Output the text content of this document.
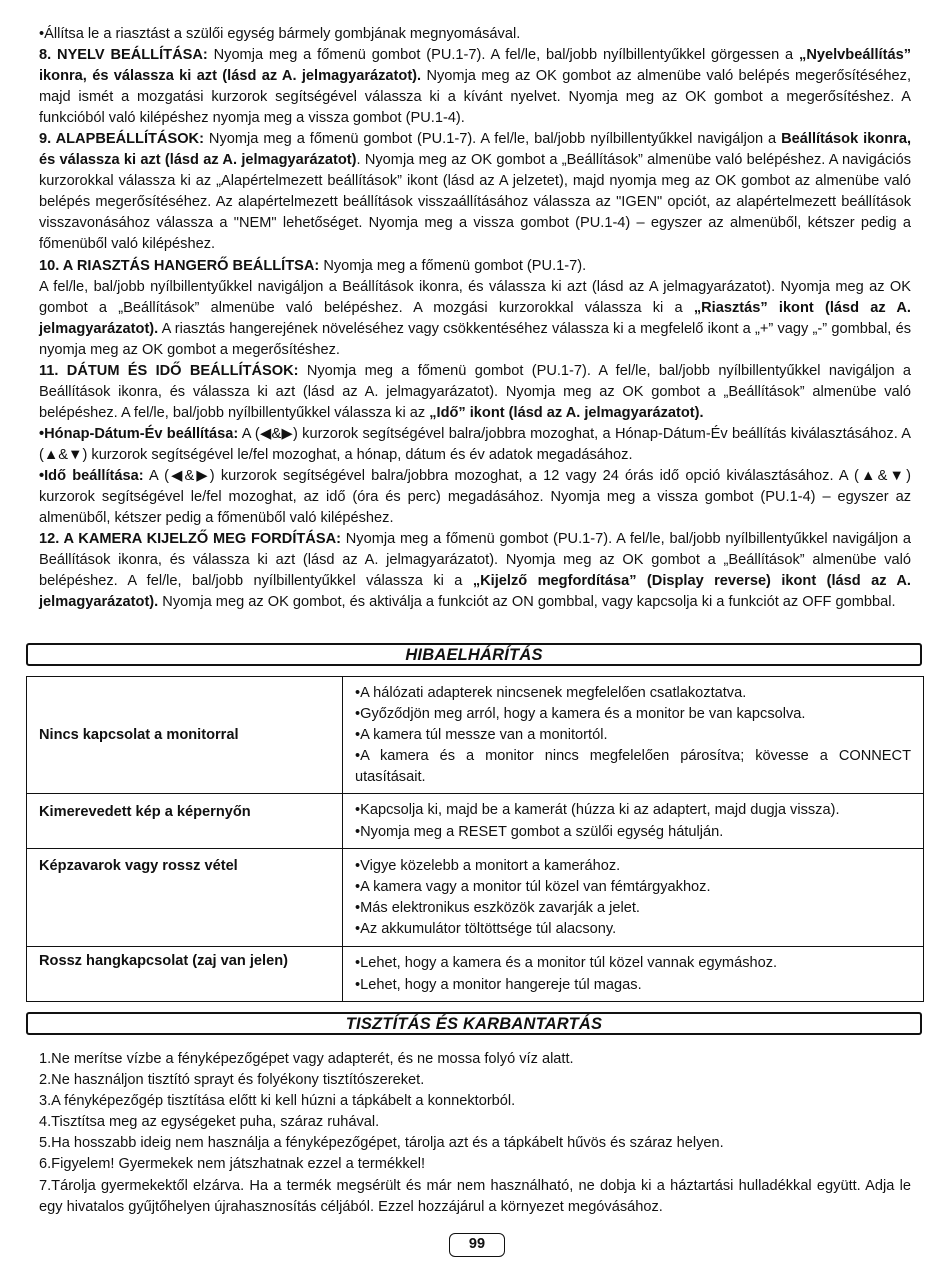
•Állítsa le a riasztást a szülői egység bármely gombjának megnyomásával.

8. NYELV BEÁLLÍTÁSA: Nyomja meg a főmenü gombot (PU.1-7). A fel/le, bal/jobb nyílbillentyűkkel görgessen a „Nyelvbeállítás” ikonra, és válassza ki azt (lásd az A. jelmagyarázatot). Nyomja meg az OK gombot az almenübe való belépés megerősítéséhez, majd ismét a mozgatási kurzorok segítségével válassza ki a kívánt nyelvet. Nyomja meg az OK gombot a megerősítéshez. A funkcióból való kilépéshez nyomja meg a vissza gombot (PU.1-4).

9. ALAPBEÁLLÍTÁSOK: Nyomja meg a főmenü gombot (PU.1-7). A fel/le, bal/jobb nyílbillentyűkkel navigáljon a Beállítások ikonra, és válassza ki azt (lásd az A. jelmagyarázatot). Nyomja meg az OK gombot a „Beállítások” almenübe való belépéshez. A navigációs kurzorokkal válassza ki az „Alapértelmezett beállítások” ikont (lásd az A jelzetet), majd nyomja meg az OK gombot az almenübe való belépés megerősítéséhez. Az alapértelmezett beállítások visszaállításához válassza az "IGEN" opciót, az alapértelmezett beállítások visszavonásához válassza a "NEM" lehetőséget. Nyomja meg a vissza gombot (PU.1-4) – egyszer az almenüből, kétszer pedig a főmenüből való kilépéshez.

10. A RIASZTÁS HANGERŐ BEÁLLÍTSA: Nyomja meg a főmenü gombot (PU.1-7).

A fel/le, bal/jobb nyílbillentyűkkel navigáljon a Beállítások ikonra, és válassza ki azt (lásd az A jelmagyarázatot). Nyomja meg az OK gombot a „Beállítások” almenübe való belépéshez. A mozgási kurzorokkal válassza ki a „Riasztás” ikont (lásd az A. jelmagyarázatot). A riasztás hangerejének növeléséhez vagy csökkentéséhez válassza ki a megfelelő ikont a „+” vagy „-” gombbal, és nyomja meg az OK gombot a megerősítéshez.

11. DÁTUM ÉS IDŐ BEÁLLÍTÁSOK: Nyomja meg a főmenü gombot (PU.1-7). A fel/le, bal/jobb nyílbillentyűkkel navigáljon a Beállítások ikonra, és válassza ki azt (lásd az A. jelmagyarázatot). Nyomja meg az OK gombot a „Beállítások” almenübe való belépéshez. A fel/le, bal/jobb nyílbillentyűkkel válassza ki az „Idő” ikont (lásd az A. jelmagyarázatot).

•Hónap-Dátum-Év beállítása: A (◀&▶) kurzorok segítségével balra/jobbra mozoghat, a Hónap-Dátum-Év beállítás kiválasztásához. A (▲&▼) kurzorok segítségével le/fel mozoghat, a hónap, dátum és év adatok megadásához.

•Idő beállítása: A (◀&▶) kurzorok segítségével balra/jobbra mozoghat, a 12 vagy 24 órás idő opció kiválasztásához. A (▲&▼) kurzorok segítségével le/fel mozoghat, az idő (óra és perc) megadásához. Nyomja meg a vissza gombot (PU.1-4) – egyszer az almenüből, kétszer pedig a főmenüből való kilépéshez.

12. A KAMERA KIJELZŐ MEG FORDÍTÁSA: Nyomja meg a főmenü gombot (PU.1-7). A fel/le, bal/jobb nyílbillentyűkkel navigáljon a Beállítások ikonra, és válassza ki azt (lásd az A. jelmagyarázatot). Nyomja meg az OK gombot a „Beállítások” almenübe való belépéshez. A fel/le, bal/jobb nyílbillentyűkkel válassza ki a „Kijelző megfordítása” (Display reverse) ikont (lásd az A. jelmagyarázatot). Nyomja meg az OK gombot, és aktiválja a funkciót az ON gombbal, vagy kapcsolja ki a funkciót az OFF gombbal.

HIBAELHÁRÍTÁS
Nincs kapcsolat a monitorral	•A hálózati adapterek nincsenek megfelelően csatlakoztatva.
•Győződjön meg arról, hogy a kamera és a monitor be van kapcsolva.
•A kamera túl messze van a monitortól.
•A kamera és a monitor nincs megfelelően párosítva; kövesse a CONNECT utasításait.

Kimerevedett kép a képernyőn	•Kapcsolja ki, majd be a kamerát (húzza ki az adaptert, majd dugja vissza).
•Nyomja meg a RESET gombot a szülői egység hátulján.

Képzavarok vagy rossz vétel	•Vigye közelebb a monitort a kamerához.
•A kamera vagy a monitor túl közel van fémtárgyakhoz.
•Más elektronikus eszközök zavarják a jelet.
•Az akkumulátor töltöttsége túl alacsony.

Rossz hangkapcsolat (zaj van jelen)	•Lehet, hogy a kamera és a monitor túl közel vannak egymáshoz.
•Lehet, hogy a monitor hangereje túl magas.
TISZTÍTÁS ÉS KARBANTARTÁS
1.Ne merítse vízbe a fényképezőgépet vagy adapterét, és ne mossa folyó víz alatt.
2.Ne használjon tisztító sprayt és folyékony tisztítószereket.
3.A fényképezőgép tisztítása előtt ki kell húzni a tápkábelt a konnektorból.
4.Tisztítsa meg az egységeket puha, száraz ruhával.
5.Ha hosszabb ideig nem használja a fényképezőgépet, tárolja azt és a tápkábelt hűvös és száraz helyen.
6.Figyelem! Gyermekek nem játszhatnak ezzel a termékkel!
7.Tárolja gyermekektől elzárva. Ha a termék megsérült és már nem használható, ne dobja ki a háztartási hulladékkal együtt. Adja le egy hivatalos gyűjtőhelyen újrahasznosítás céljából. Ezzel hozzájárul a környezet megóvásához.
99
